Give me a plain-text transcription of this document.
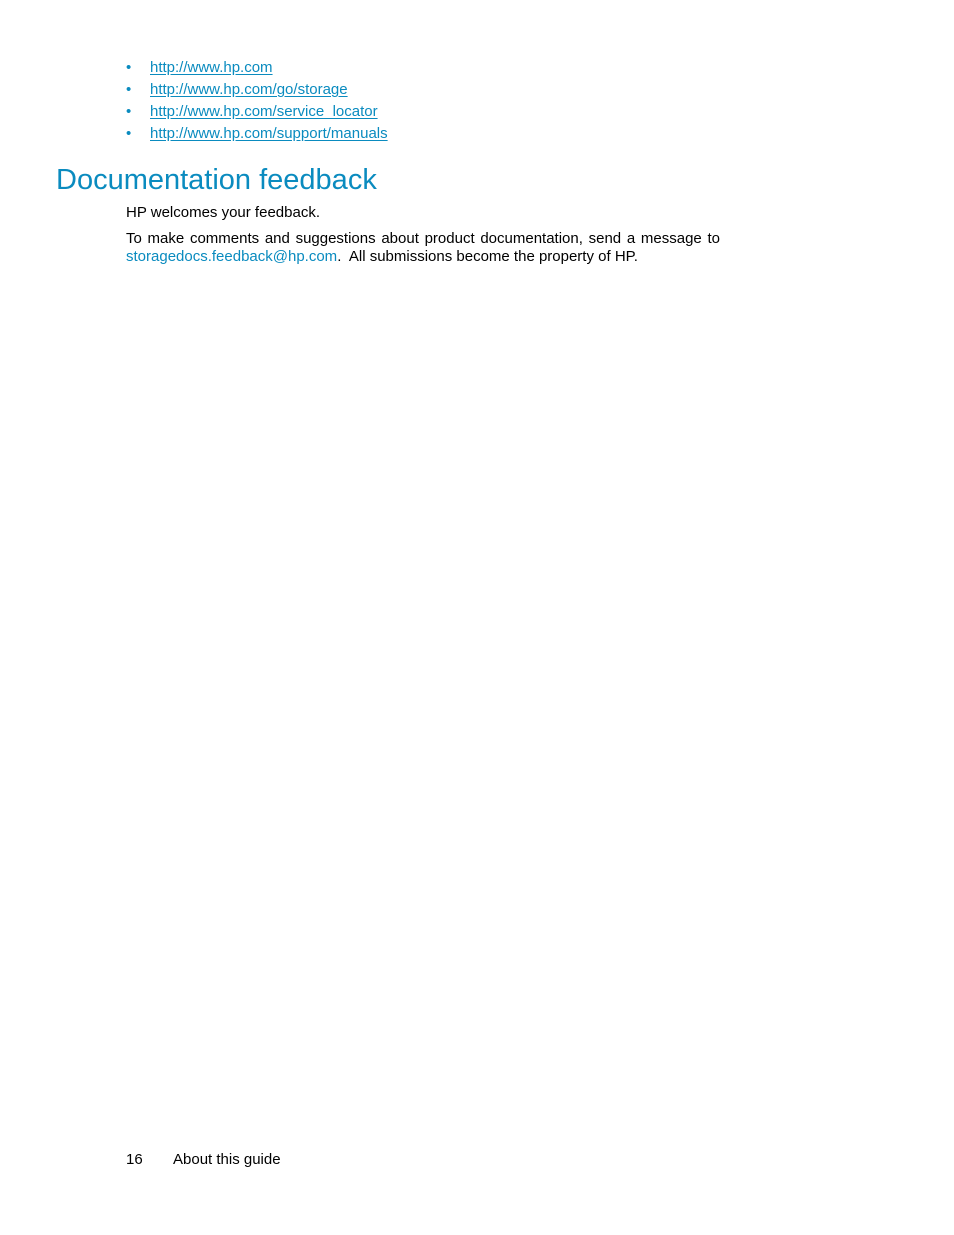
• http://www.hp.com
• http://www.hp.com/go/storage
• http://www.hp.com/service_locator
• http://www.hp.com/support/manuals
Documentation feedback

HP welcomes your feedback.

To make comments and suggestions about product documentation, send a message to
storagedocs.feedback@hp.com.  All submissions become the property of HP.
16 About this guide
